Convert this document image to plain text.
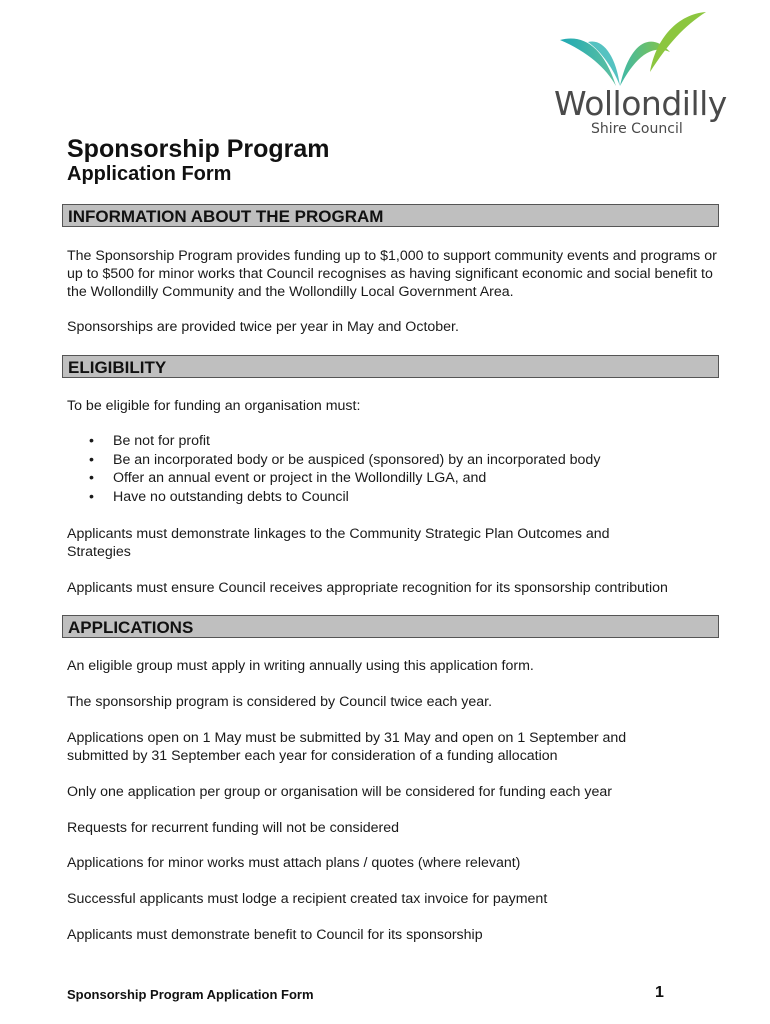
Wollondilly
Shire Council
Sponsorship Program
Application Form
INFORMATION ABOUT THE PROGRAM

The Sponsorship Program provides funding up to $1,000 to support community events and programs or up to $500 for minor works that Council recognises as having significant economic and social benefit to the Wollondilly Community and the Wollondilly Local Government Area.

Sponsorships are provided twice per year in May and October.

ELIGIBILITY

To be eligible for funding an organisation must:

• Be not for profit
• Be an incorporated body or be auspiced (sponsored) by an incorporated body
• Offer an annual event or project in the Wollondilly LGA, and
• Have no outstanding debts to Council

Applicants must demonstrate linkages to the Community Strategic Plan Outcomes and Strategies

Applicants must ensure Council receives appropriate recognition for its sponsorship contribution

APPLICATIONS

An eligible group must apply in writing annually using this application form.

The sponsorship program is considered by Council twice each year.

Applications open on 1 May must be submitted by 31 May and open on 1 September and submitted by 31 September each year for consideration of a funding allocation

Only one application per group or organisation will be considered for funding each year

Requests for recurrent funding will not be considered

Applications for minor works must attach plans / quotes (where relevant)

Successful applicants must lodge a recipient created tax invoice for payment

Applicants must demonstrate benefit to Council for its sponsorship

Sponsorship Program Application Form	1
